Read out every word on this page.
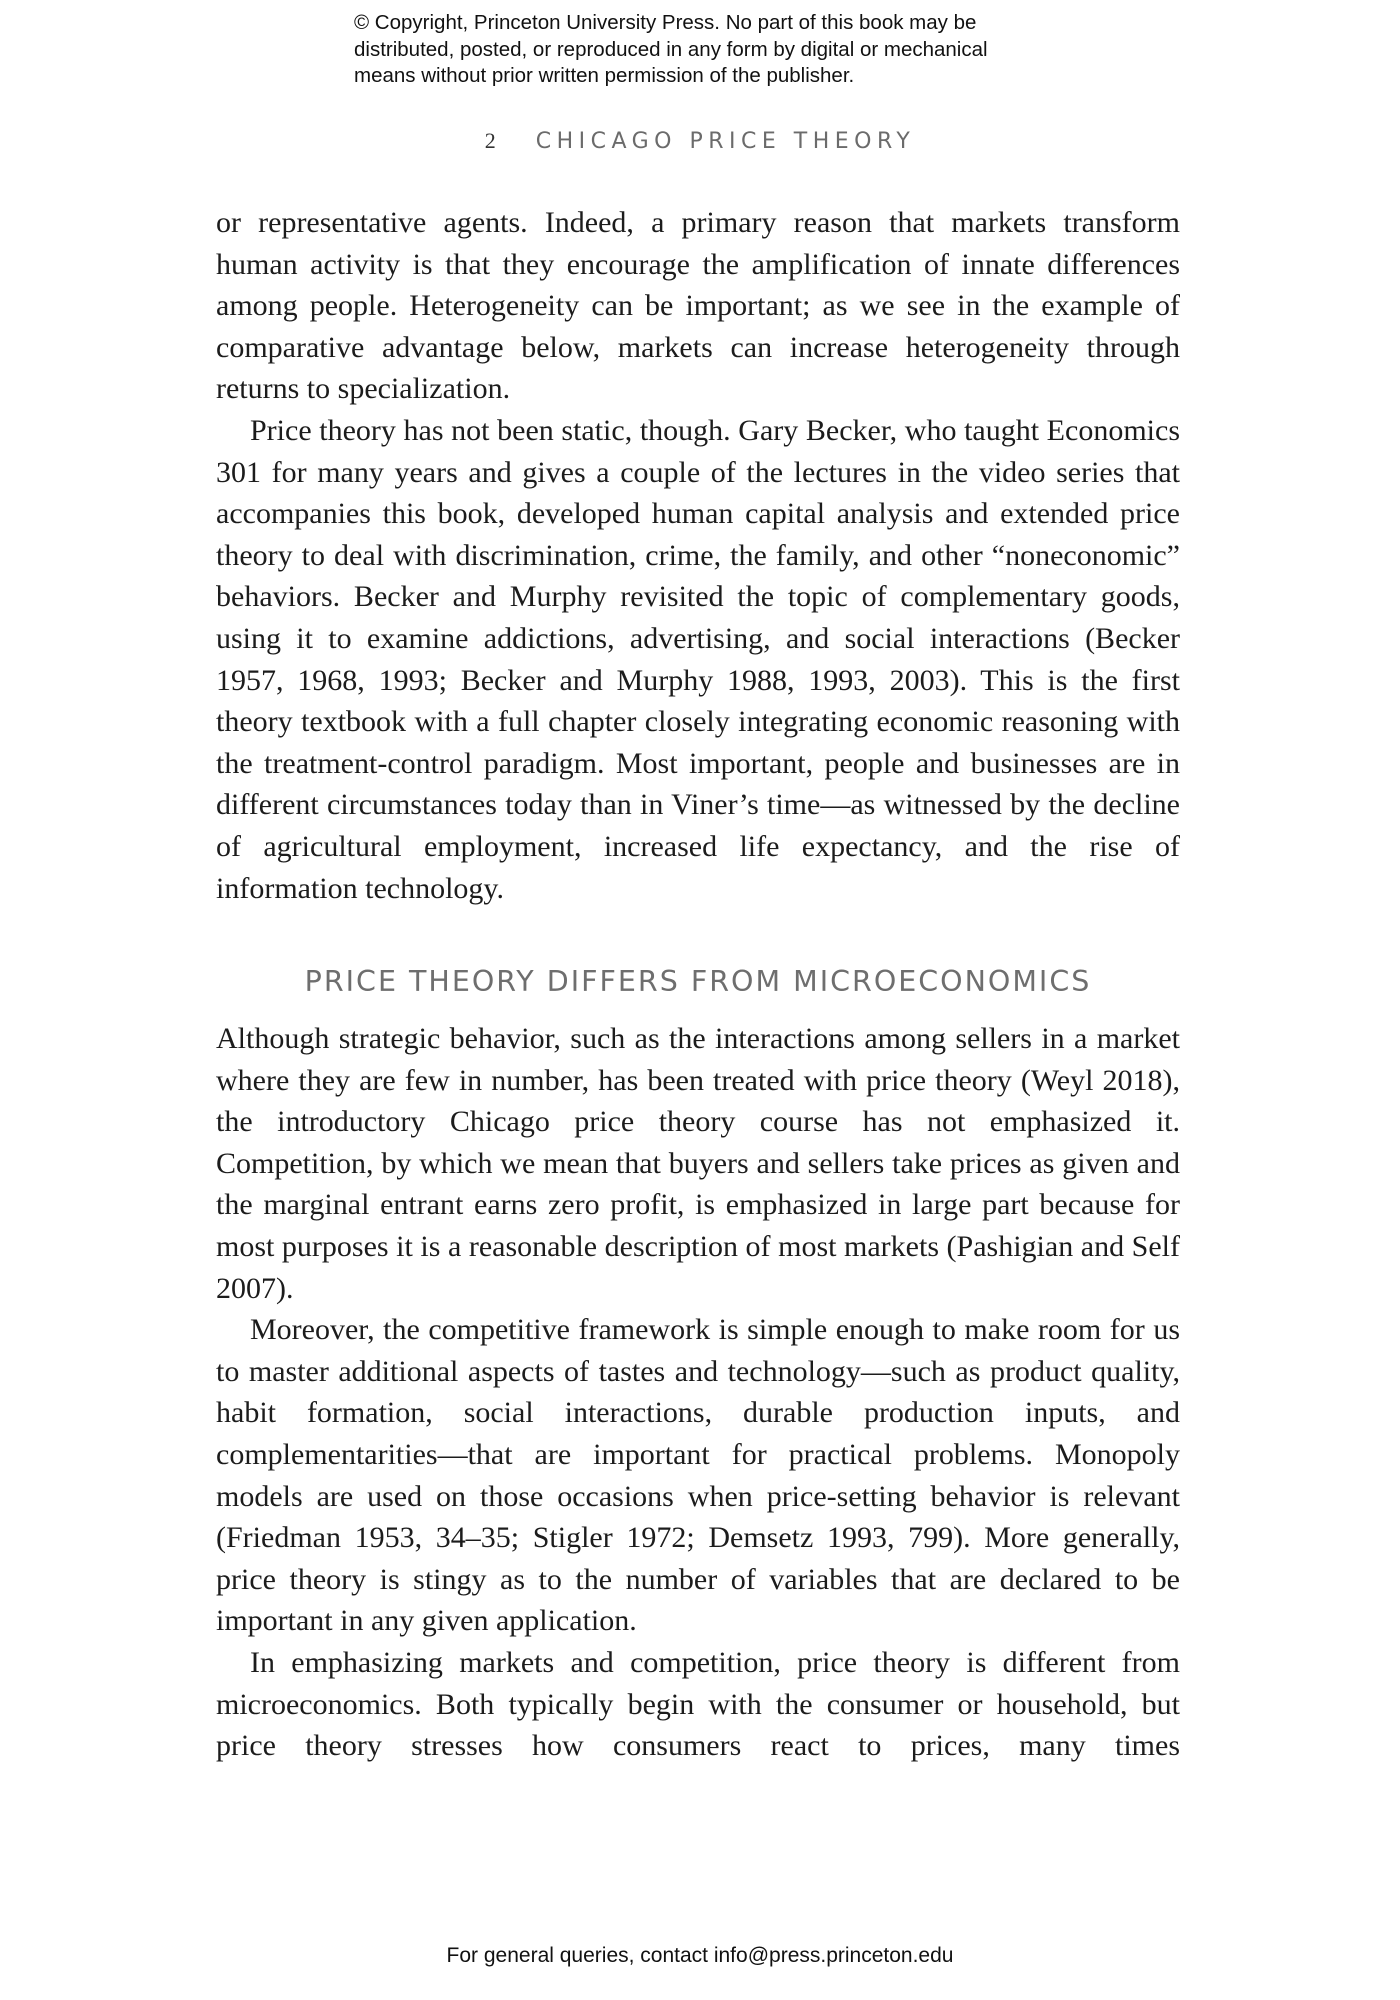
© Copyright, Princeton University Press. No part of this book may be
distributed, posted, or reproduced in any form by digital or mechanical
means without prior written permission of the publisher.
2 CHICAGO PRICE THEORY

or representative agents. Indeed, a primary reason that markets transform human activity is that they encourage the amplification of innate differences among people. Heterogeneity can be important; as we see in the example of comparative advantage below, markets can increase heterogeneity through returns to specialization.

Price theory has not been static, though. Gary Becker, who taught Economics 301 for many years and gives a couple of the lectures in the video series that accompanies this book, developed human capital analysis and extended price theory to deal with discrimination, crime, the family, and other “noneconomic” behaviors. Becker and Murphy revisited the topic of complementary goods, using it to examine addictions, advertising, and social interactions (Becker 1957, 1968, 1993; Becker and Murphy 1988, 1993, 2003). This is the first theory textbook with a full chapter closely integrating economic reasoning with the treatment-control paradigm. Most important, people and businesses are in different circumstances today than in Viner’s time—as witnessed by the decline of agricultural employment, increased life expectancy, and the rise of information technology.

PRICE THEORY DIFFERS FROM MICROECONOMICS

Although strategic behavior, such as the interactions among sellers in a market where they are few in number, has been treated with price theory (Weyl 2018), the introductory Chicago price theory course has not emphasized it. Competition, by which we mean that buyers and sellers take prices as given and the marginal entrant earns zero profit, is emphasized in large part because for most purposes it is a reasonable description of most markets (Pashigian and Self 2007).

Moreover, the competitive framework is simple enough to make room for us to master additional aspects of tastes and technology—such as product quality, habit formation, social interactions, durable production inputs, and complementarities—that are important for practical problems. Monopoly models are used on those occasions when price-setting behavior is relevant (Friedman 1953, 34–35; Stigler 1972; Demsetz 1993, 799). More generally, price theory is stingy as to the number of variables that are declared to be important in any given application.

In emphasizing markets and competition, price theory is different from microeconomics. Both typically begin with the consumer or household, but price theory stresses how consumers react to prices, many times

For general queries, contact info@press.princeton.edu
